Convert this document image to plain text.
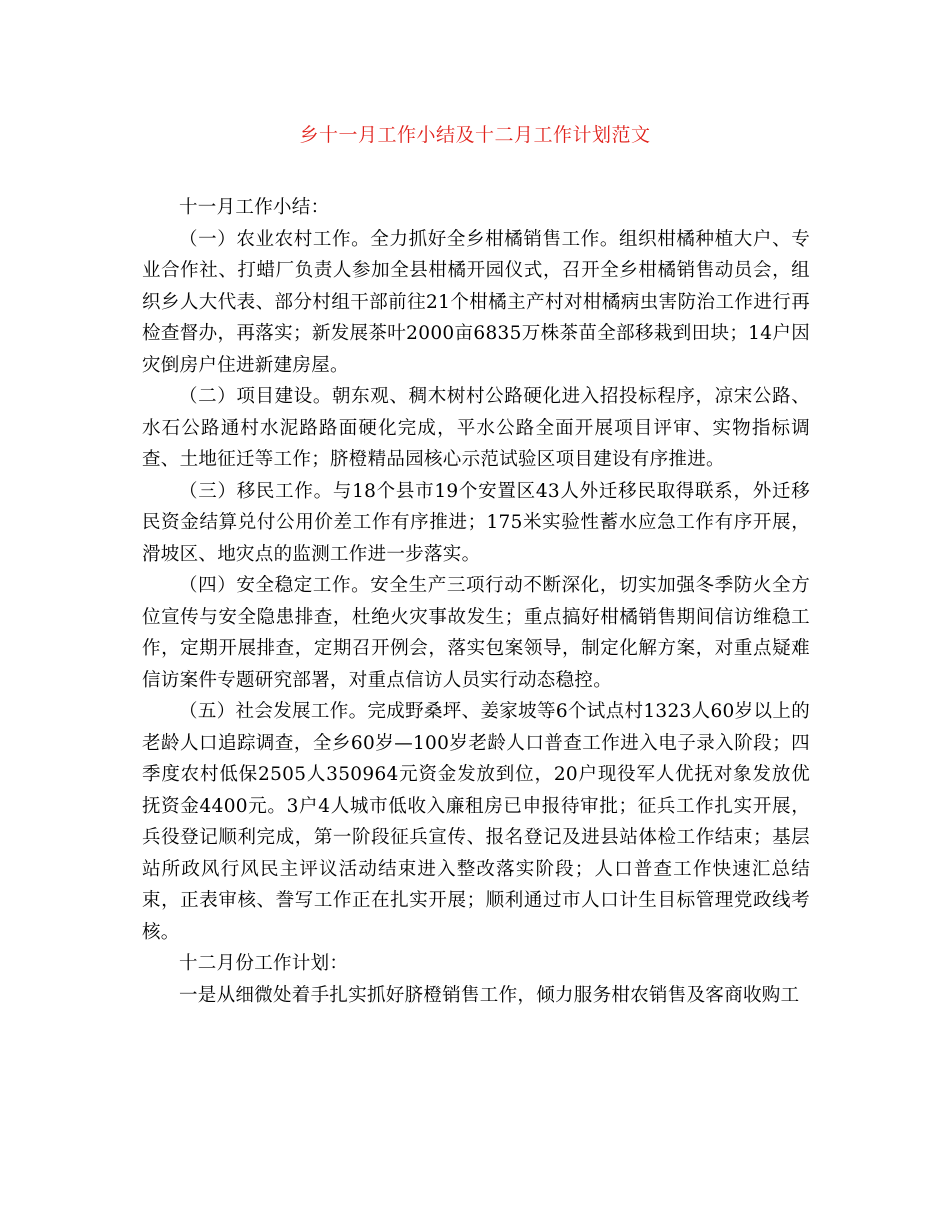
乡十一月工作小结及十二月工作计划范文

十一月工作小结：

（一）农业农村工作。全力抓好全乡柑橘销售工作。组织柑橘种植大户、专业合作社、打蜡厂负责人参加全县柑橘开园仪式，召开全乡柑橘销售动员会，组织乡人大代表、部分村组干部前往21个柑橘主产村对柑橘病虫害防治工作进行再检查督办，再落实；新发展茶叶2000亩6835万株茶苗全部移栽到田块；14户因灾倒房户住进新建房屋。

（二）项目建设。朝东观、稠木树村公路硬化进入招投标程序，凉宋公路、水石公路通村水泥路路面硬化完成，平水公路全面开展项目评审、实物指标调查、土地征迁等工作；脐橙精品园核心示范试验区项目建设有序推进。

（三）移民工作。与18个县市19个安置区43人外迁移民取得联系，外迁移民资金结算兑付公用价差工作有序推进；175米实验性蓄水应急工作有序开展，滑坡区、地灾点的监测工作进一步落实。

（四）安全稳定工作。安全生产三项行动不断深化，切实加强冬季防火全方位宣传与安全隐患排查，杜绝火灾事故发生；重点搞好柑橘销售期间信访维稳工作，定期开展排查，定期召开例会，落实包案领导，制定化解方案，对重点疑难信访案件专题研究部署，对重点信访人员实行动态稳控。

（五）社会发展工作。完成野桑坪、姜家坡等6个试点村1323人60岁以上的老龄人口追踪调查，全乡60岁—100岁老龄人口普查工作进入电子录入阶段；四季度农村低保2505人350964元资金发放到位，20户现役军人优抚对象发放优抚资金4400元。3户4人城市低收入廉租房已申报待审批；征兵工作扎实开展，兵役登记顺利完成，第一阶段征兵宣传、报名登记及进县站体检工作结束；基层站所政风行风民主评议活动结束进入整改落实阶段；人口普查工作快速汇总结束，正表审核、誊写工作正在扎实开展；顺利通过市人口计生目标管理党政线考核。

十二月份工作计划：

一是从细微处着手扎实抓好脐橙销售工作，倾力服务柑农销售及客商收购工
